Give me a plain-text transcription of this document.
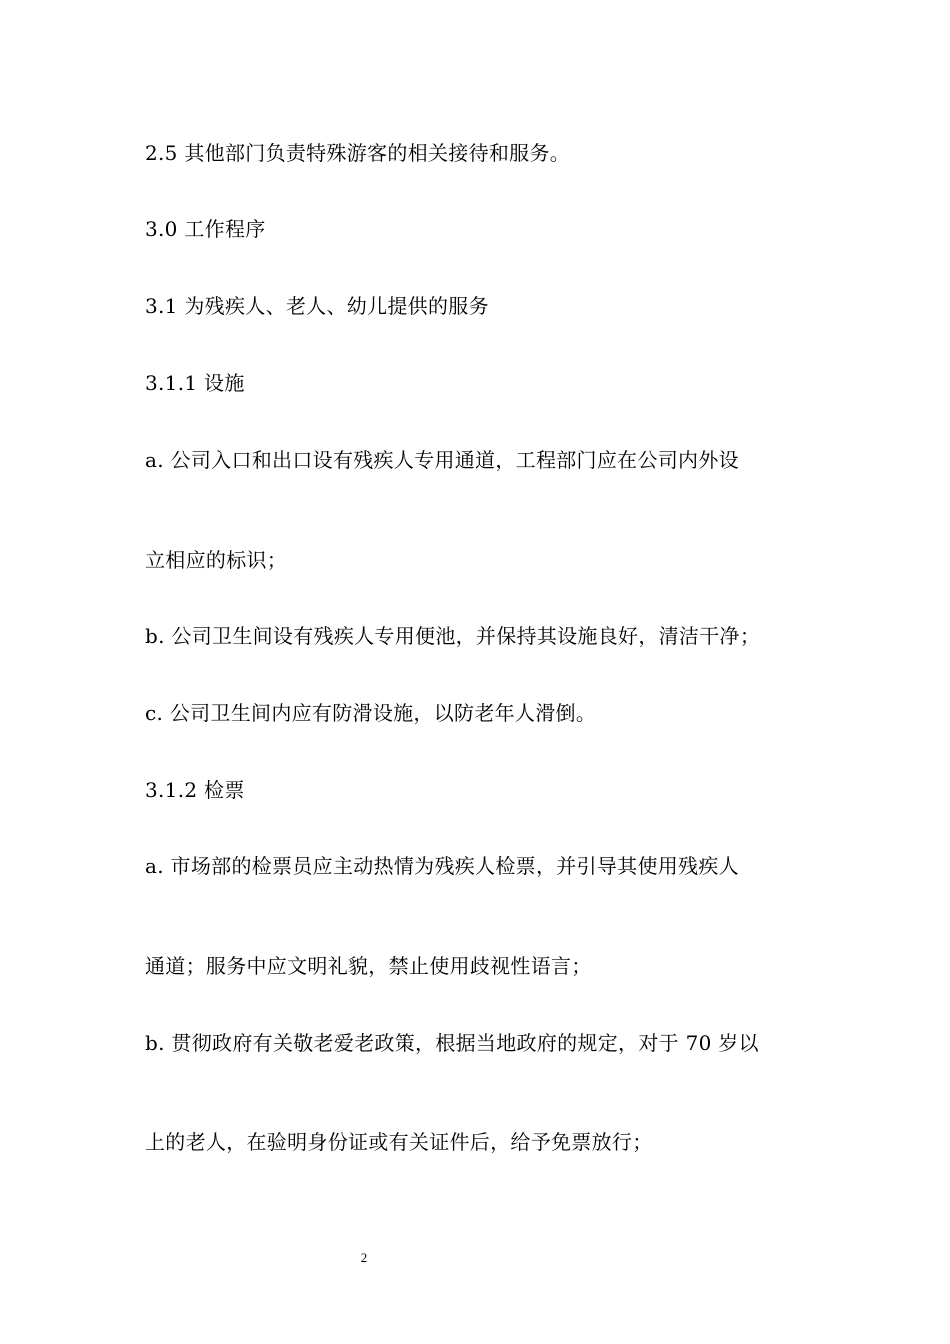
2.5 其他部门负责特殊游客的相关接待和服务。
3.0 工作程序
3.1 为残疾人、老人、幼儿提供的服务
3.1.1 设施
a. 公司入口和出口设有残疾人专用通道，工程部门应在公司内外设
立相应的标识；
b. 公司卫生间设有残疾人专用便池，并保持其设施良好，清洁干净；
c. 公司卫生间内应有防滑设施，以防老年人滑倒。
3.1.2 检票
a. 市场部的检票员应主动热情为残疾人检票，并引导其使用残疾人
通道；服务中应文明礼貌，禁止使用歧视性语言；
b. 贯彻政府有关敬老爱老政策，根据当地政府的规定，对于 70 岁以
上的老人，在验明身份证或有关证件后，给予免票放行；
2
